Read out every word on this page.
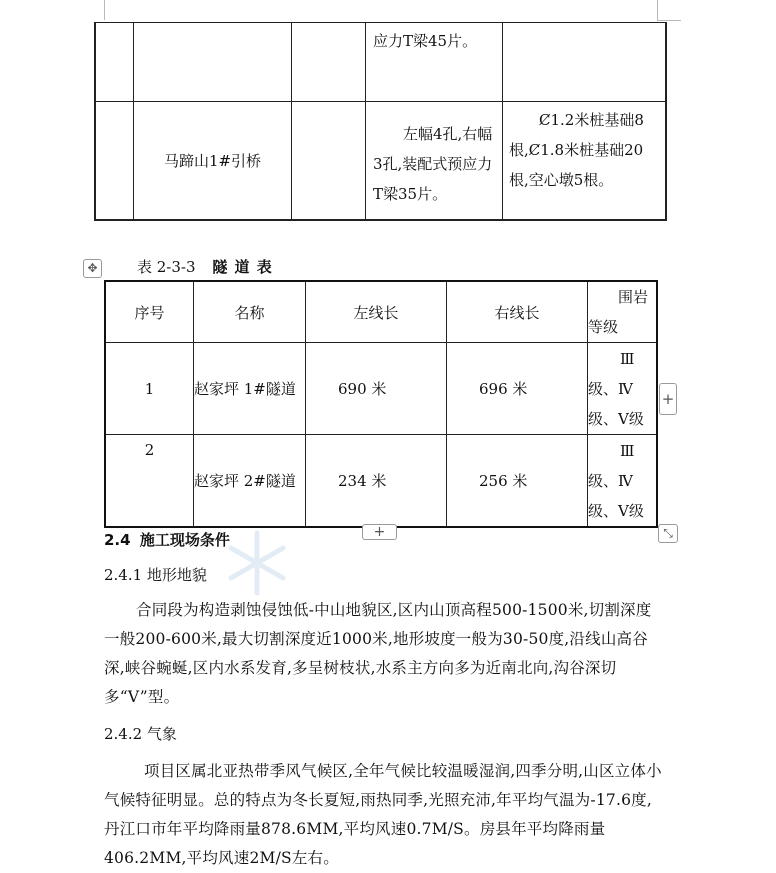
			应力T梁45片。	

	马蹄山1#引桥		左幅4孔,右幅3孔,装配式预应力T梁35片。	Ȼ1.2米桩基础8根,Ȼ1.8米桩基础20根,空心墩5根。
✥	表 2-3-3 隧 道 表
序号	名称	左线长	右线长	围岩等级

1	赵家坪 1#隧道	690 米	696 米	Ⅲ级、Ⅳ级、Ⅴ级

2	赵家坪 2#隧道	234 米	256 米	Ⅲ级、Ⅳ级、Ⅴ级
+
+	⤡
2.4 施工现场条件
2.4.1 地形地貌

合同段为构造剥蚀侵蚀低-中山地貌区,区内山顶高程500-1500米,切割深度一般200-600米,最大切割深度近1000米,地形坡度一般为30-50度,沿线山高谷深,峡谷蜿蜒,区内水系发育,多呈树枝状,水系主方向多为近南北向,沟谷深切多“V”型。

2.4.2 气象

项目区属北亚热带季风气候区,全年气候比较温暖湿润,四季分明,山区立体小气候特征明显。总的特点为冬长夏短,雨热同季,光照充沛,年平均气温为-17.6度,丹江口市年平均降雨量878.6MM,平均风速0.7M/S。房县年平均降雨量406.2MM,平均风速2M/S左右。
